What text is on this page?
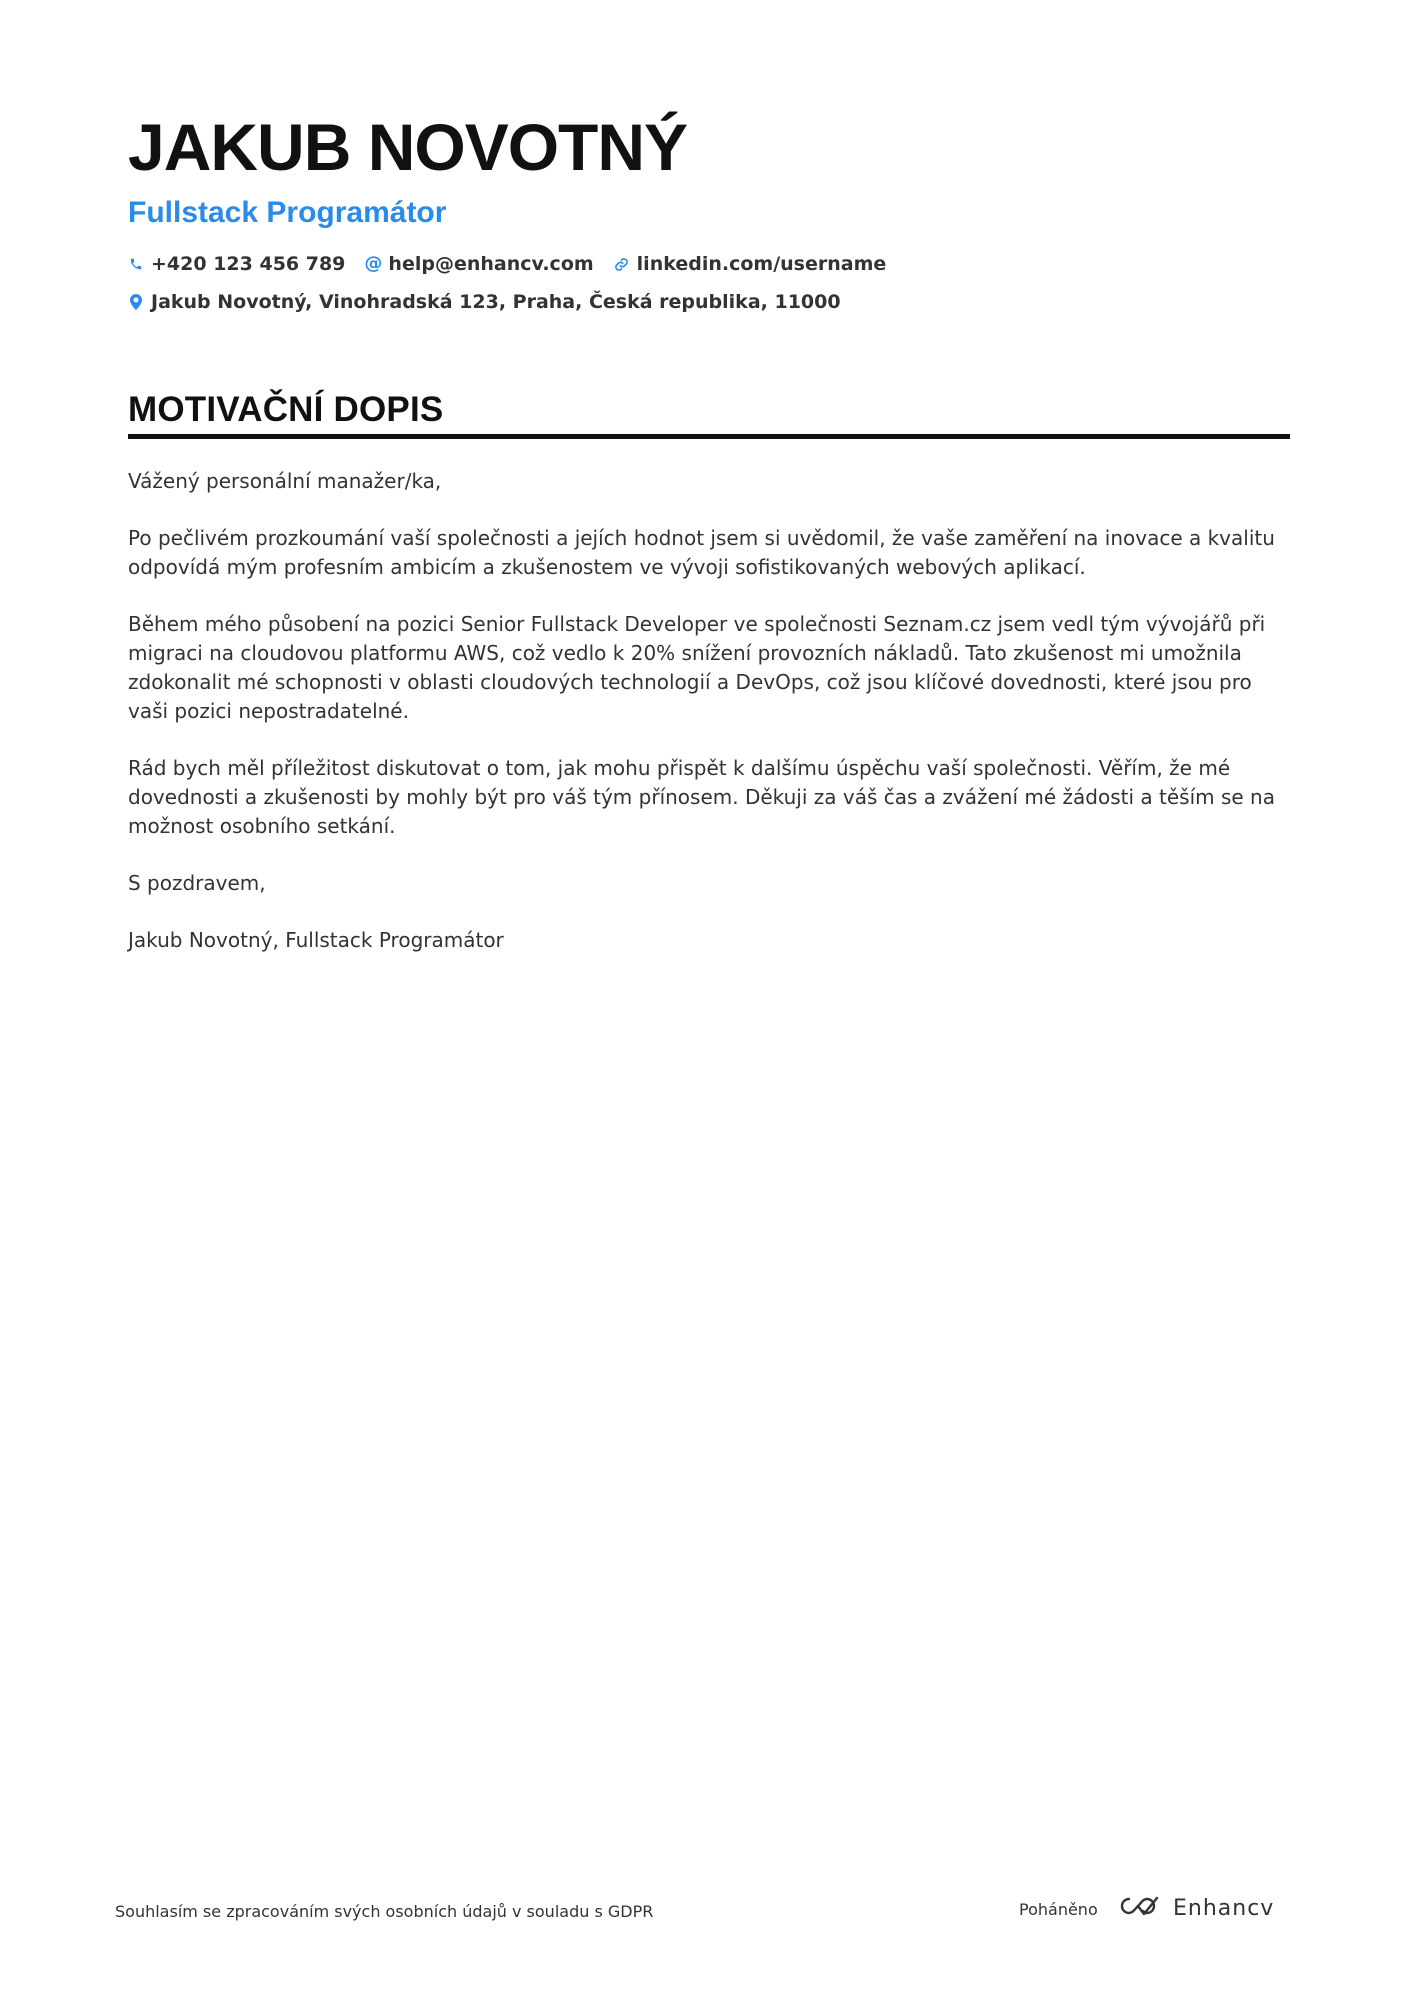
JAKUB NOVOTNÝ
Fullstack Programátor
+420 123 456 789 @ help@enhancv.com linkedin.com/username
Jakub Novotný, Vinohradská 123, Praha, Česká republika, 11000
MOTIVAČNÍ DOPIS

Vážený personální manažer/ka,

Po pečlivém prozkoumání vaší společnosti a jejích hodnot jsem si uvědomil, že vaše zaměření na inovace a kvalitu odpovídá mým profesním ambicím a zkušenostem ve vývoji sofistikovaných webových aplikací.

Během mého působení na pozici Senior Fullstack Developer ve společnosti Seznam.cz jsem vedl tým vývojářů při migraci na cloudovou platformu AWS, což vedlo k 20% snížení provozních nákladů. Tato zkušenost mi umožnila zdokonalit mé schopnosti v oblasti cloudových technologií a DevOps, což jsou klíčové dovednosti, které jsou pro vaši pozici nepostradatelné.

Rád bych měl příležitost diskutovat o tom, jak mohu přispět k dalšímu úspěchu vaší společnosti. Věřím, že mé dovednosti a zkušenosti by mohly být pro váš tým přínosem. Děkuji za váš čas a zvážení mé žádosti a těším se na možnost osobního setkání.

S pozdravem,

Jakub Novotný, Fullstack Programátor

Souhlasím se zpracováním svých osobních údajů v souladu s GDPR	Poháněno	Enhancv
